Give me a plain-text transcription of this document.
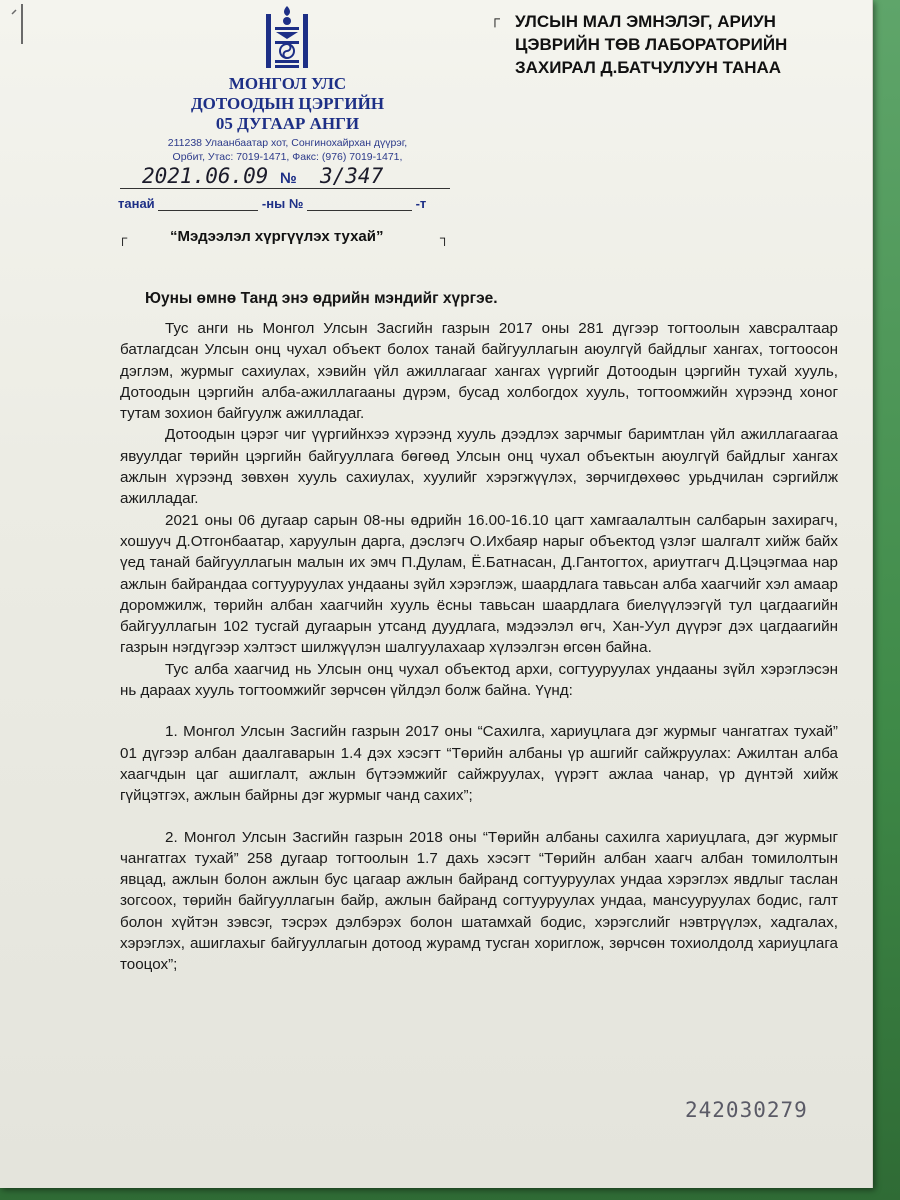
МОНГОЛ УЛС
ДОТООДЫН ЦЭРГИЙН
05 ДУГААР АНГИ
211238 Улаанбаатар хот, Сонгинохайрхан дүүрэг,
Орбит, Утас: 7019-1471, Факс: (976) 7019-1471,
┌ УЛСЫН МАЛ ЭМНЭЛЭГ, АРИУН
ЦЭВРИЙН ТӨВ ЛАБОРАТОРИЙН
ЗАХИРАЛ Д.БАТЧУЛУУН ТАНАА
2021.06.09 № 3/347
танай	-ны №	-т
┌	“Мэдээлэл хүргүүлэх тухай”	┐
Юуны өмнө Танд энэ өдрийн мэндийг хүргэе.

Тус анги нь Монгол Улсын Засгийн газрын 2017 оны 281 дүгээр тогтоолын хавсралтаар батлагдсан Улсын онц чухал объект болох танай байгууллагын аюулгүй байдлыг хангах, тогтоосон дэглэм, журмыг сахиулах, хэвийн үйл ажиллагааг хангах үүргийг Дотоодын цэргийн тухай хууль, Дотоодын цэргийн алба-ажиллагааны дүрэм, бусад холбогдох хууль, тогтоомжийн хүрээнд хоног тутам зохион байгуулж ажилладаг.

Дотоодын цэрэг чиг үүргийнхээ хүрээнд хууль дээдлэх зарчмыг баримтлан үйл ажиллагаагаа явуулдаг төрийн цэргийн байгууллага бөгөөд Улсын онц чухал объектын аюулгүй байдлыг хангах ажлын хүрээнд зөвхөн хууль сахиулах, хуулийг хэрэгжүүлэх, зөрчигдөхөөс урьдчилан сэргийлж ажилладаг.

2021 оны 06 дугаар сарын 08-ны өдрийн 16.00-16.10 цагт хамгаалалтын салбарын захирагч, хошууч Д.Отгонбаатар, харуулын дарга, дэслэгч О.Ихбаяр нарыг объектод үзлэг шалгалт хийж байх үед танай байгууллагын малын их эмч П.Дулам, Ё.Батнасан, Д.Гантогтох, ариутгагч Д.Цэцэгмаа нар ажлын байрандаа согтууруулах ундааны зүйл хэрэглэж, шаардлага тавьсан алба хаагчийг хэл амаар доромжилж, төрийн албан хаагчийн хууль ёсны тавьсан шаардлага биелүүлээгүй тул цагдаагийн байгууллагын 102 тусгай дугаарын утсанд дуудлага, мэдээлэл өгч, Хан-Уул дүүрэг дэх цагдаагийн газрын нэгдүгээр хэлтэст шилжүүлэн шалгуулахаар хүлээлгэн өгсөн байна.

Тус алба хаагчид нь Улсын онц чухал объектод архи, согтууруулах ундааны зүйл хэрэглэсэн нь дараах хууль тогтоомжийг зөрчсөн үйлдэл болж байна. Үүнд:

1. Монгол Улсын Засгийн газрын 2017 оны “Сахилга, хариуцлага дэг журмыг чангатгах тухай” 01 дүгээр албан даалгаварын 1.4 дэх хэсэгт “Төрийн албаны үр ашгийг сайжруулах: Ажилтан алба хаагчдын цаг ашиглалт, ажлын бүтээмжийг сайжруулах, үүрэгт ажлаа чанар, үр дүнтэй хийж гүйцэтгэх, ажлын байрны дэг журмыг чанд сахих”;

2. Монгол Улсын Засгийн газрын 2018 оны “Төрийн албаны сахилга хариуцлага, дэг журмыг чангатгах тухай” 258 дугаар тогтоолын 1.7 дахь хэсэгт “Төрийн албан хаагч албан томилолтын явцад, ажлын болон ажлын бус цагаар ажлын байранд согтууруулах ундаа хэрэглэх явдлыг таслан зогсоох, төрийн байгууллагын байр, ажлын байранд согтууруулах ундаа, мансууруулах бодис, галт болон хүйтэн зэвсэг, тэсрэх дэлбэрэх болон шатамхай бодис, хэрэгслийг нэвтрүүлэх, хадгалах, хэрэглэх, ашиглахыг байгууллагын дотоод журамд тусган хориглож, зөрчсөн тохиолдолд хариуцлага тооцох”;

242030279
